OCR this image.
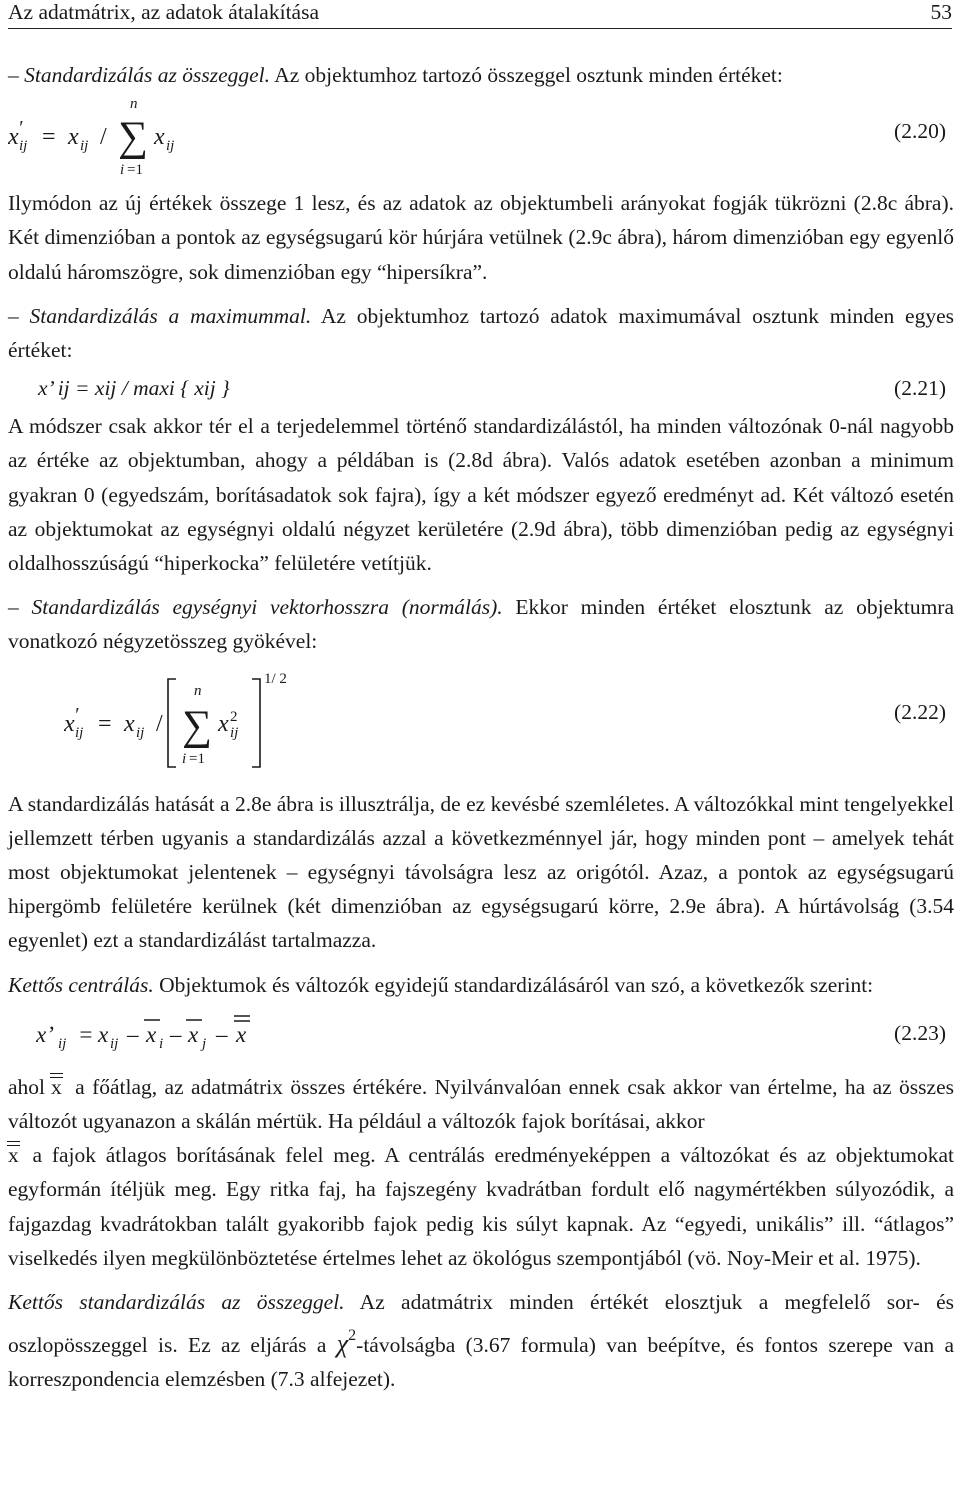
Az adatmátrix, az adatok átalakítása	53

– Standardizálás az összeggel. Az objektumhoz tartozó összeggel osztunk minden értéket:

x ij
′ = x ij / ∑
n
i =1
x ij
(2.20)

Ilymódon az új értékek összege 1 lesz, és az adatok az objektumbeli arányokat fogják tükrözni (2.8c ábra). Két dimenzióban a pontok az egységsugarú kör húrjára vetülnek (2.9c ábra), három dimenzióban egy egyenlő oldalú háromszögre, sok dimenzióban egy “hipersíkra”.

– Standardizálás a maximummal. Az objektumhoz tartozó adatok maximumával osztunk minden egyes értéket:

x’ ij = xij / maxi { xij }	(2.21)

A módszer csak akkor tér el a terjedelemmel történő standardizálástól, ha minden változónak 0-nál nagyobb az értéke az objektumban, ahogy a példában is (2.8d ábra). Valós adatok esetében azonban a minimum gyakran 0 (egyedszám, borításadatok sok fajra), így a két módszer egyező eredményt ad. Két változó esetén az objektumokat az egységnyi oldalú négyzet kerületére (2.9d ábra), több dimenzióban pedig az egységnyi oldalhosszúságú “hiperkocka” felületére vetítjük.

– Standardizálás egységnyi vektorhosszra (normálás). Ekkor minden értéket elosztunk az objektumra vonatkozó négyzetösszeg gyökével:

x ij
′ = x ij / ∑
n
i =1
x 2
ij
1/ 2
(2.22)

A standardizálás hatását a 2.8e ábra is illusztrálja, de ez kevésbé szemléletes. A változókkal mint tengelyekkel jellemzett térben ugyanis a standardizálás azzal a következménnyel jár, hogy minden pont – amelyek tehát most objektumokat jelentenek – egységnyi távolságra lesz az origótól. Azaz, a pontok az egységsugarú hipergömb felületére kerülnek (két dimenzióban az egységsugarú körre, 2.9e ábra). A húrtávolság (3.54 egyenlet) ezt a standardizálást tartalmazza.

Kettős centrálás. Objektumok és változók egyidejű standardizálásáról van szó, a következők szerint:

x’ ij = x ij – x i – x j – x	(2.23)

ahol x a főátlag, az adatmátrix összes értékére. Nyilvánvalóan ennek csak akkor van értelme, ha az összes változót ugyanazon a skálán mértük. Ha például a változók fajok borításai, akkor
x a fajok átlagos borításának felel meg. A centrálás eredményeképpen a változókat és az objektumokat egyformán ítéljük meg. Egy ritka faj, ha fajszegény kvadrátban fordult elő nagymértékben súlyozódik, a fajgazdag kvadrátokban talált gyakoribb fajok pedig kis súlyt kapnak. Az “egyedi, unikális” ill. “átlagos” viselkedés ilyen megkülönböztetése értelmes lehet az ökológus szempontjából (vö. Noy-Meir et al. 1975).

Kettős standardizálás az összeggel. Az adatmátrix minden értékét elosztjuk a megfelelő sor- és oszlopösszeggel is. Ez az eljárás a $\chi^2$-távolságba (3.67 formula) van beépítve, és fontos szerepe van a korreszpondencia elemzésben (7.3 alfejezet).
